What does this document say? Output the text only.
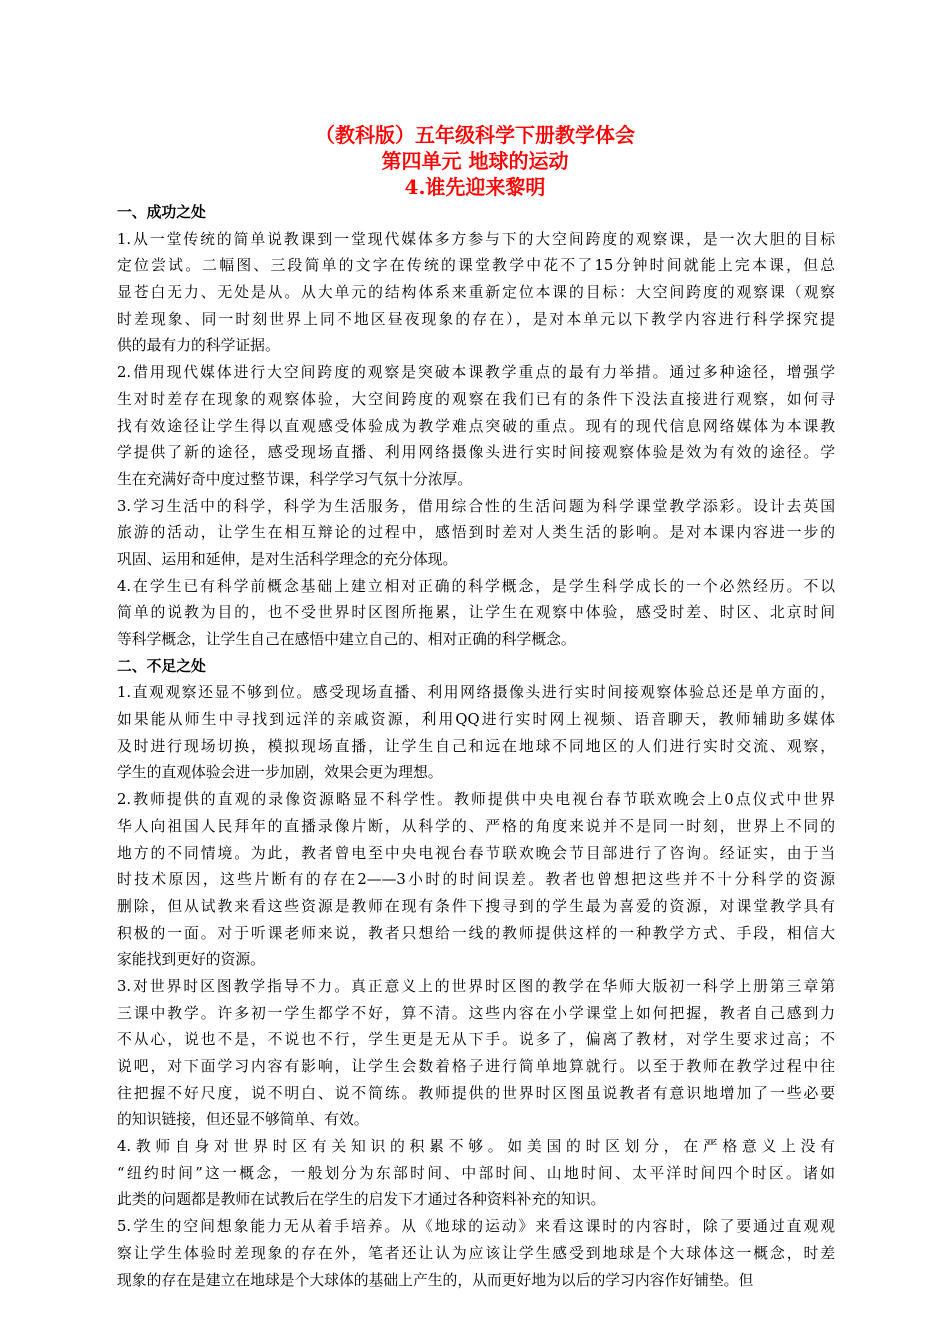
（教科版）五年级科学下册教学体会
第四单元 地球的运动
4.谁先迎来黎明
一、成功之处
1.从一堂传统的简单说教课到一堂现代媒体多方参与下的大空间跨度的观察课，是一次大胆的目标
定位尝试。二幅图、三段简单的文字在传统的课堂教学中花不了15分钟时间就能上完本课，但总
显苍白无力、无处是从。从大单元的结构体系来重新定位本课的目标：大空间跨度的观察课（观察
时差现象、同一时刻世界上同不地区昼夜现象的存在），是对本单元以下教学内容进行科学探究提
供的最有力的科学证据。
2.借用现代媒体进行大空间跨度的观察是突破本课教学重点的最有力举措。通过多种途径，增强学
生对时差存在现象的观察体验，大空间跨度的观察在我们已有的条件下没法直接进行观察，如何寻
找有效途径让学生得以直观感受体验成为教学难点突破的重点。现有的现代信息网络媒体为本课教
学提供了新的途径，感受现场直播、利用网络摄像头进行实时间接观察体验是效为有效的途径。学
生在充满好奇中度过整节课，科学学习气氛十分浓厚。
3.学习生活中的科学，科学为生活服务，借用综合性的生活问题为科学课堂教学添彩。设计去英国
旅游的活动，让学生在相互辩论的过程中，感悟到时差对人类生活的影响。是对本课内容进一步的
巩固、运用和延伸，是对生活科学理念的充分体现。
4.在学生已有科学前概念基础上建立相对正确的科学概念，是学生科学成长的一个必然经历。不以
简单的说教为目的，也不受世界时区图所拖累，让学生在观察中体验，感受时差、时区、北京时间
等科学概念，让学生自己在感悟中建立自己的、相对正确的科学概念。
二、不足之处
1.直观观察还显不够到位。感受现场直播、利用网络摄像头进行实时间接观察体验总还是单方面的，
如果能从师生中寻找到远洋的亲戚资源，利用QQ进行实时网上视频、语音聊天，教师辅助多媒体
及时进行现场切换，模拟现场直播，让学生自己和远在地球不同地区的人们进行实时交流、观察，
学生的直观体验会进一步加剧，效果会更为理想。
2.教师提供的直观的录像资源略显不科学性。教师提供中央电视台春节联欢晚会上0点仪式中世界
华人向祖国人民拜年的直播录像片断，从科学的、严格的角度来说并不是同一时刻，世界上不同的
地方的不同情境。为此，教者曾电至中央电视台春节联欢晚会节目部进行了咨询。经证实，由于当
时技术原因，这些片断有的存在2——3小时的时间误差。教者也曾想把这些并不十分科学的资源
删除，但从试教来看这些资源是教师在现有条件下搜寻到的学生最为喜爱的资源，对课堂教学具有
积极的一面。对于听课老师来说，教者只想给一线的教师提供这样的一种教学方式、手段，相信大
家能找到更好的资源。
3.对世界时区图教学指导不力。真正意义上的世界时区图的教学在华师大版初一科学上册第三章第
三课中教学。许多初一学生都学不好，算不清。这些内容在小学课堂上如何把握，教者自己感到力
不从心，说也不是，不说也不行，学生更是无从下手。说多了，偏离了教材，对学生要求过高；不
说吧，对下面学习内容有影响，让学生会数着格子进行简单地算就行。以至于教师在教学过程中往
往把握不好尺度，说不明白、说不简练。教师提供的世界时区图虽说教者有意识地增加了一些必要
的知识链接，但还显不够简单、有效。
4.教师自身对世界时区有关知识的积累不够。如美国的时区划分，在严格意义上没有
“纽约时间”这一概念，一般划分为东部时间、中部时间、山地时间、太平洋时间四个时区。诸如
此类的问题都是教师在试教后在学生的启发下才通过各种资料补充的知识。
5.学生的空间想象能力无从着手培养。从《地球的运动》来看这课时的内容时，除了要通过直观观
察让学生体验时差现象的存在外，笔者还让认为应该让学生感受到地球是个大球体这一概念，时差
现象的存在是建立在地球是个大球体的基础上产生的，从而更好地为以后的学习内容作好铺垫。但
